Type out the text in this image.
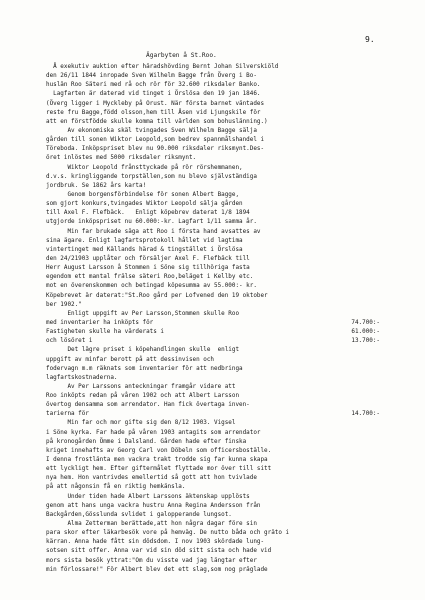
9.
Ägarbyten å St.Roo.
Å exekutiv auktion efter häradshövding Bernt Johan Silverskiöld
den 26/11 1844 inropade Sven Wilhelm Bagge från Överg i Bo-
huslän Roo Säteri med rå och rör för 32.600 riksdaler Banko.
Lagfarten är daterad vid tinget i Örslösa den 19 jan 1846.
(Överg ligger i Myckleby på Orust. När första barnet väntades
reste fru Bagge,född olsson,hem till Åsen vid Ljungskile för
att en förstfödde skulle komma till världen som bohuslänning.)
Av ekonomiska skäl tvingades Sven Wilhelm Bagge sälja
gården till sonen Wiktor Leopold,som bedrev spannmålshandel i
Töreboda. Inköpspriset blev nu 90.000 riksdaler riksmynt.Des-
öret inlöstes med 5000 riksdaler riksmynt.
Wiktor Leopold frånsttyckade på rör rörshemmanen,
d.v.s. kringliggande torpställen,som nu blevo självständiga
jordbruk. Se 1862 års karta!
Genom borgensförbindelse för sonen Albert Bagge,
som gjort konkurs,tvingades Wiktor Leopold sälja gården
till Axel F. Flefbäck.   Enligt köpebrev daterat 1/8 1894
utgjorde inköpspriset nu 60.000:-kr. Lagfart 1/11 samma år.
Min far brukade säga att Roo i första hand avsattes av
sina ägare. Enligt lagfartsprotokoll hållet vid lagtima
vintertinget med Källands härad & tingstället i Örslösa
den 24/21903 upplåter och försäljer Axel F. Flefbäck till
Herr August Larsson å Stommen i Söne sig tillhöriga fasta
egendom ett mantal frälse säteri Roo,beläget i Kellby etc.
mot en överenskommen och betingad köpesumma av 55.000:- kr.
Köpebrevet är daterat:"St.Roo gård per Lofvened den 19 oktober
ber 1902."
Enligt uppgift av Per Larsson,Stommen skulle Roo
med inventarier ha inköpts för	74.700:-
Fastigheten skulle ha värderats i	61.000:-
och lösöret i	13.700:-
Det lägre priset i köpehandlingen skulle  enligt
uppgift av minfar berott på att dessinvisen och
fodervagn m.m räknats som inventarier för att nedbringa
lagfartskostnaderna.
Av Per Larssons anteckningar framgår vidare att
Roo inköpts redan på våren 1902 och att Albert Larsson
övertog densamma som arrendator. Han fick övertaga inven-
tarierna för	14.700:-
Min far och mor gifte sig den 8/12 1903. Vigsel
i Söne kyrka. Far hade på våren 1903 antagits som arrendator
på kronogården Ömme i Dalsland. Gården hade efter finska
kriget innehafts av Georg Carl von Döbeln som officersboställe.
I denna frostlänta men vackra trakt trodde sig far kunna skapa
ett lyckligt hem. Efter giftermålet flyttade mor över till sitt
nya hem. Hon vantrivdes emellertid så gott att hon tvivlade
på att någonsin få en riktig hemkänsla.
Under tiden hade Albert Larssons äktenskap upplösts
genom att hans unga vackra hustru Anna Regina Andersson från
Backgården,Gösslunda svlidet i galopperande lungsot.
Alma Zetterman berättade,att hon några dagar före sin
para skor efter läkarbesök vore på hemväg. De nutto båda och gräto i
kärran. Anna hade fått sin dödsdom. I nov 1903 skördade lung-
sotsen sitt offer. Anna var vid sin död sitt sista och hade vid
mors sista besök yttrat:"Om du visste vad jag längtar efter
min förlossare!" För Albert blev det ett slag,som nog präglade
